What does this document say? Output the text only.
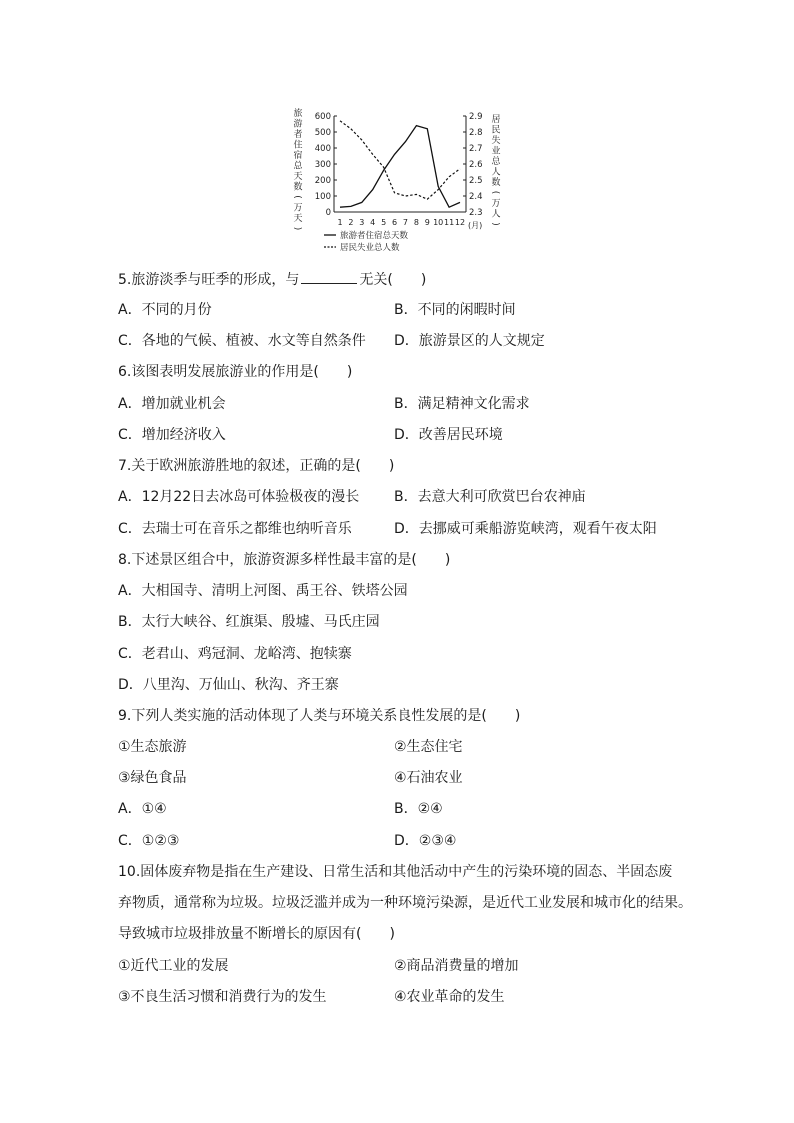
旅
游
者
住
宿
总
天
数
(
万
天
)
居
民
失
业
总
人
数
(
万
人
)
0
100
200
300
400
500
600
2.3
2.4
2.5
2.6
2.7
2.8
2.9
1 2 3 4 5 6 7 8 9 10 11 12 (月)
旅游者住宿总天数
居民失业总人数
5.旅游淡季与旺季的形成，与	无关(　　)
A．不同的月份	B．不同的闲暇时间
C．各地的气候、植被、水文等自然条件 D．旅游景区的人文规定
6.该图表明发展旅游业的作用是(　　)
A．增加就业机会	B．满足精神文化需求
C．增加经济收入	D．改善居民环境
7.关于欧洲旅游胜地的叙述，正确的是(　　)
A．12月22日去冰岛可体验极夜的漫长 B．去意大利可欣赏巴台农神庙
C．去瑞士可在音乐之都维也纳听音乐	D．去挪威可乘船游览峡湾，观看午夜太阳
8.下述景区组合中，旅游资源多样性最丰富的是(　　)
A．大相国寺、清明上河图、禹王谷、铁塔公园
B．太行大峡谷、红旗渠、殷墟、马氏庄园
C．老君山、鸡冠洞、龙峪湾、抱犊寨
D．八里沟、万仙山、秋沟、齐王寨
9.下列人类实施的活动体现了人类与环境关系良性发展的是(　　)
①生态旅游	②生态住宅
③绿色食品	④石油农业
A．①④	B．②④
C．①②③	D．②③④
10.固体废弃物是指在生产建设、日常生活和其他活动中产生的污染环境的固态、半固态废
弃物质，通常称为垃圾。垃圾泛滥并成为一种环境污染源，是近代工业发展和城市化的结果。
导致城市垃圾排放量不断增长的原因有(　　)
①近代工业的发展	②商品消费量的增加
③不良生活习惯和消费行为的发生	④农业革命的发生
